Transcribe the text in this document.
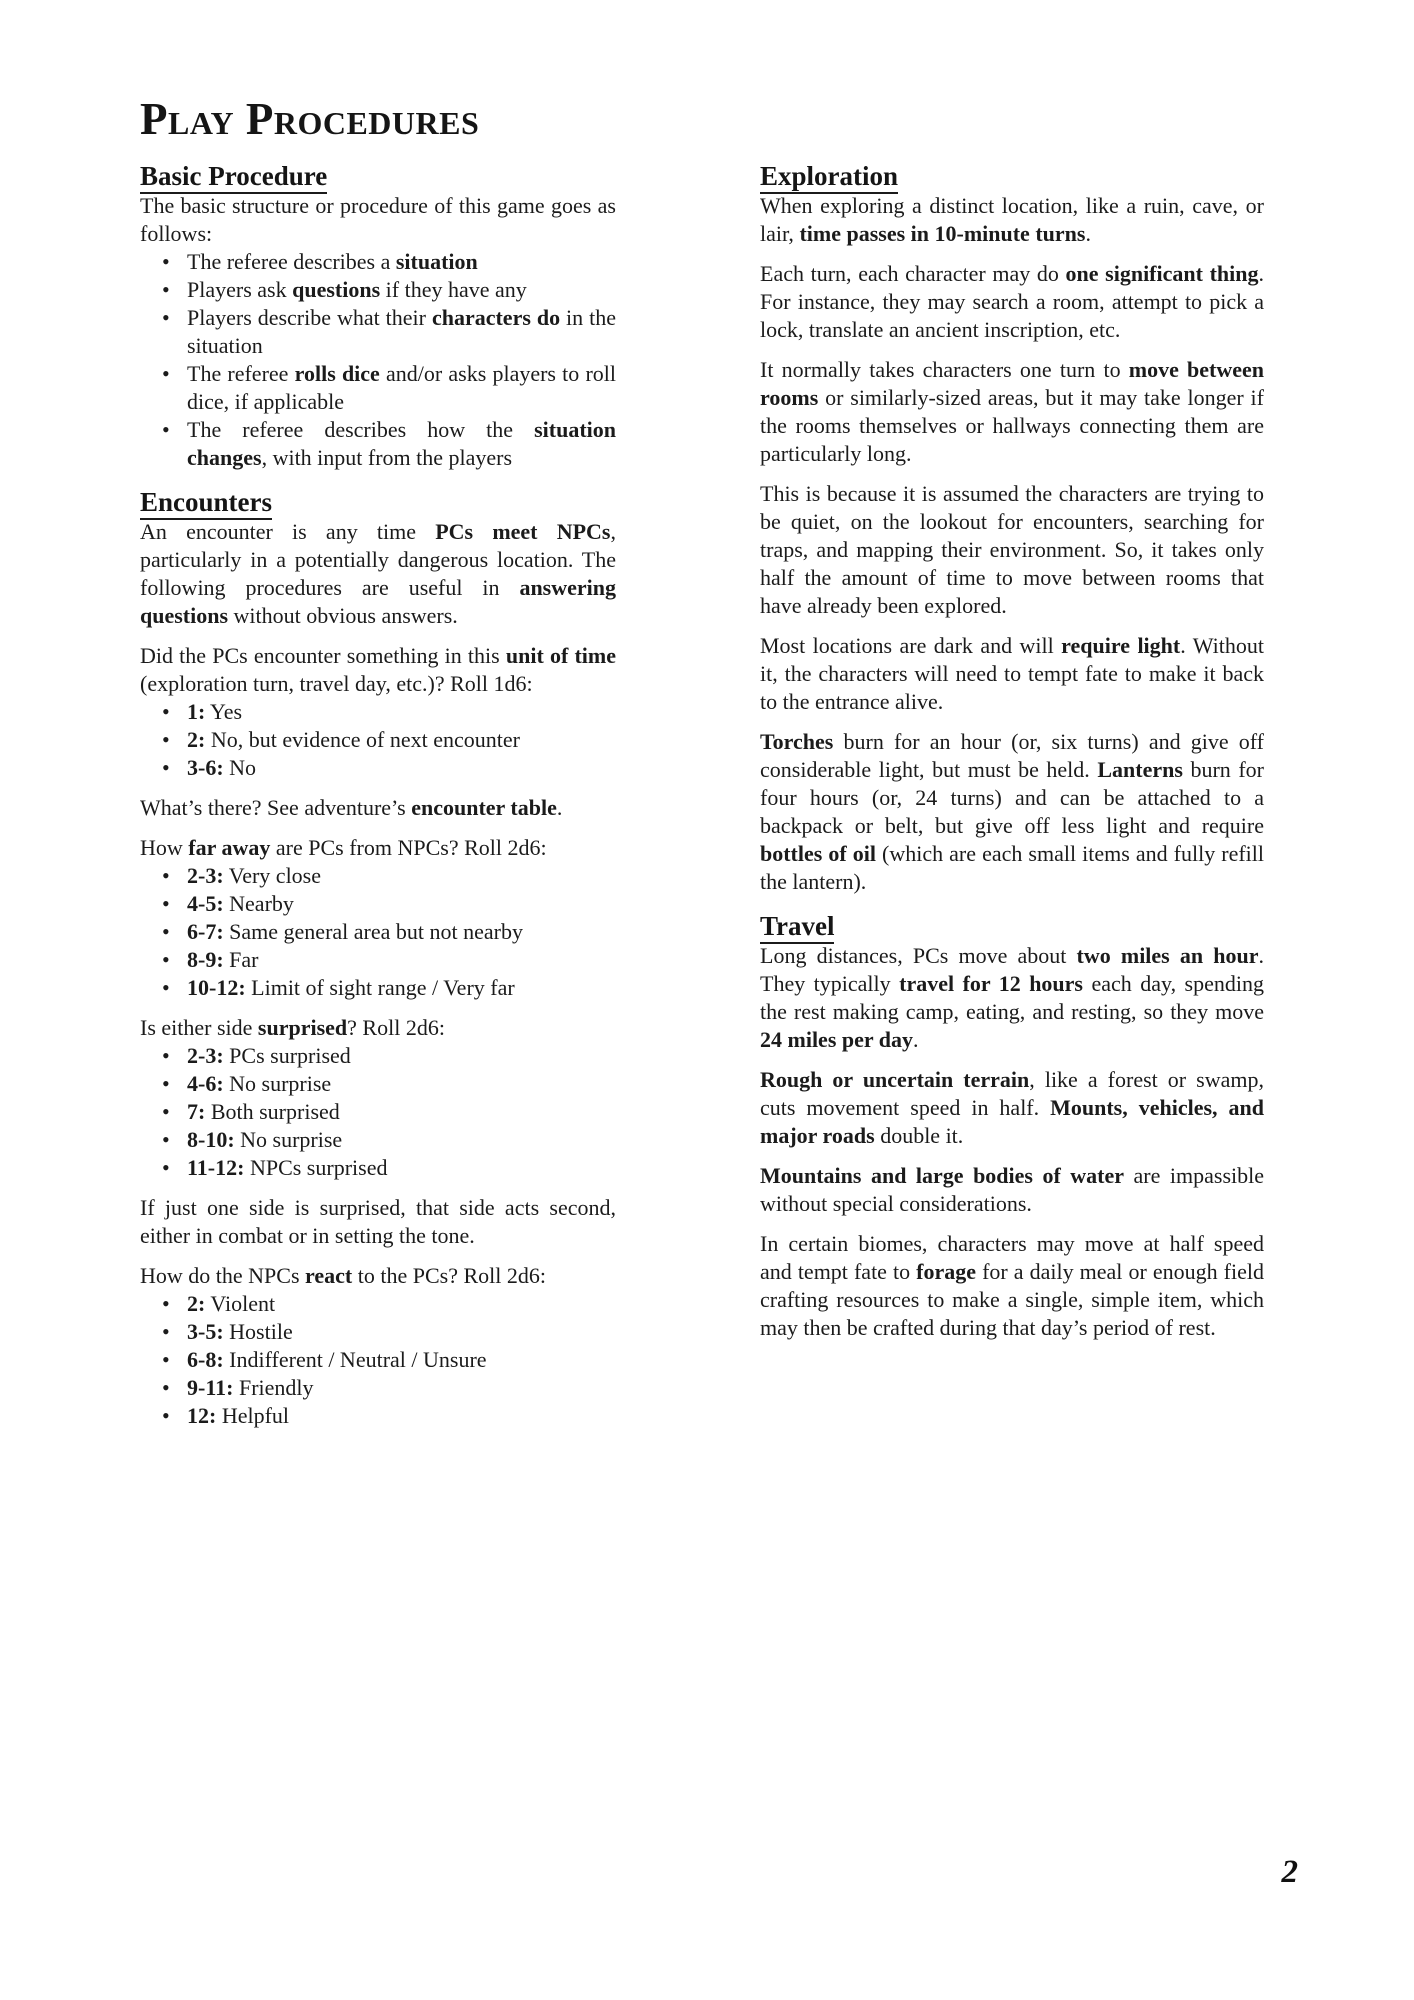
Play Procedures
Basic Procedure

The basic structure or procedure of this game goes as follows:

• The referee describes a situation
• Players ask questions if they have any
• Players describe what their characters do in the situation
• The referee rolls dice and/or asks players to roll dice, if applicable
• The referee describes how the situation changes, with input from the players
Encounters

An encounter is any time PCs meet NPCs, particularly in a potentially dangerous location. The following procedures are useful in answering questions without obvious answers.

Did the PCs encounter something in this unit of time (exploration turn, travel day, etc.)? Roll 1d6:

• 1: Yes
• 2: No, but evidence of next encounter
• 3-6: No

What’s there? See adventure’s encounter table.

How far away are PCs from NPCs? Roll 2d6:

• 2-3: Very close
• 4-5: Nearby
• 6-7: Same general area but not nearby
• 8-9: Far
• 10-12: Limit of sight range / Very far

Is either side surprised? Roll 2d6:

• 2-3: PCs surprised
• 4-6: No surprise
• 7: Both surprised
• 8-10: No surprise
• 11-12: NPCs surprised

If just one side is surprised, that side acts second, either in combat or in setting the tone.

How do the NPCs react to the PCs? Roll 2d6:

• 2: Violent
• 3-5: Hostile
• 6-8: Indifferent / Neutral / Unsure
• 9-11: Friendly
• 12: Helpful
Exploration

When exploring a distinct location, like a ruin, cave, or lair, time passes in 10-minute turns.

Each turn, each character may do one significant thing. For instance, they may search a room, attempt to pick a lock, translate an ancient inscription, etc.

It normally takes characters one turn to move between rooms or similarly-sized areas, but it may take longer if the rooms themselves or hallways connecting them are particularly long.

This is because it is assumed the characters are trying to be quiet, on the lookout for encounters, searching for traps, and mapping their environment. So, it takes only half the amount of time to move between rooms that have already been explored.

Most locations are dark and will require light. Without it, the characters will need to tempt fate to make it back to the entrance alive.

Torches burn for an hour (or, six turns) and give off considerable light, but must be held. Lanterns burn for four hours (or, 24 turns) and can be attached to a backpack or belt, but give off less light and require bottles of oil (which are each small items and fully refill the lantern).

Travel

Long distances, PCs move about two miles an hour. They typically travel for 12 hours each day, spending the rest making camp, eating, and resting, so they move 24 miles per day.

Rough or uncertain terrain, like a forest or swamp, cuts movement speed in half. Mounts, vehicles, and major roads double it.

Mountains and large bodies of water are impassible without special considerations.

In certain biomes, characters may move at half speed and tempt fate to forage for a daily meal or enough field crafting resources to make a single, simple item, which may then be crafted during that day’s period of rest.

2
